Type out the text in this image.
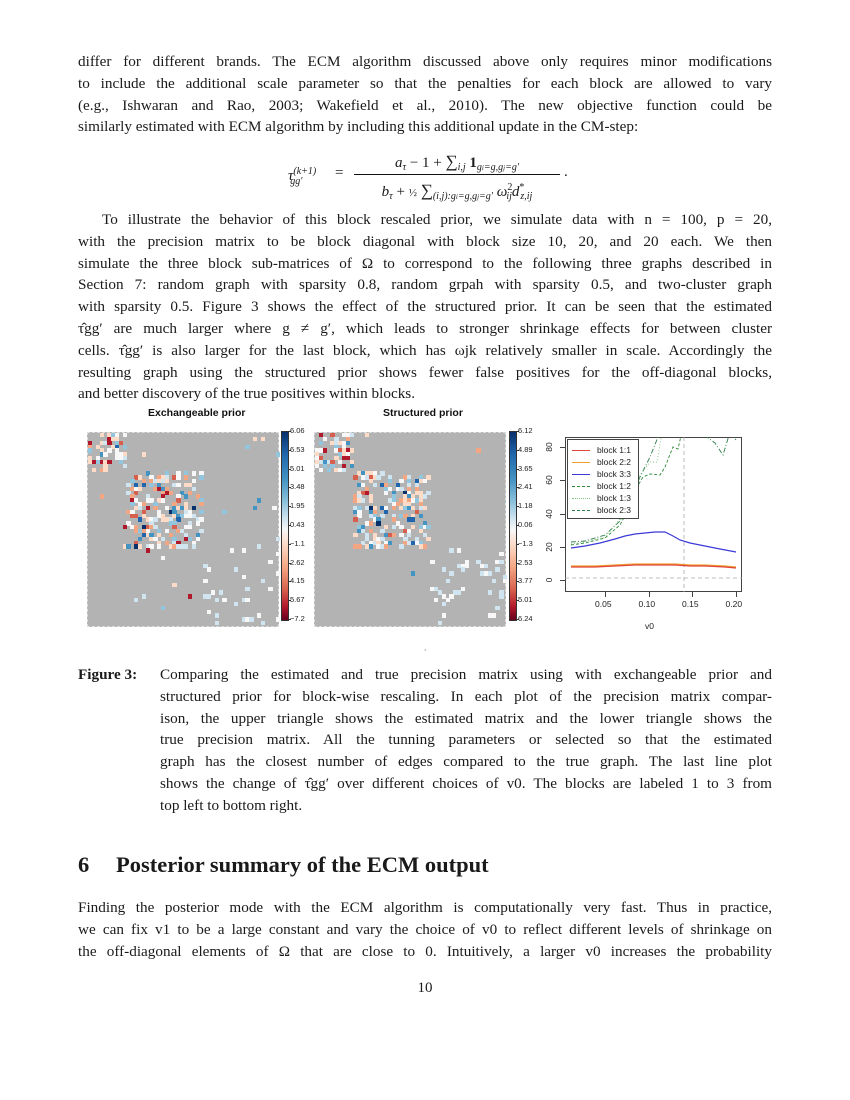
differ for different brands. The ECM algorithm discussed above only requires minor modifications
to include the additional scale parameter so that the penalties for each block are allowed to vary
(e.g., Ishwaran and Rao, 2003; Wakefield et al., 2010). The new objective function could be
similarly estimated with ECM algorithm by including this additional update in the CM-step:
$\tau^{(k+1)}_{gg'}$
=
$a_\tau - 1 + \sum_{i,j}$ $1_{gi=g,gj=g'}$
$b_\tau$ + ½ $\sum_{(i,j):gi=g,gj=g'}$ $\omega^2_{ij}d^*_{z,ij}$
.
To illustrate the behavior of this block rescaled prior, we simulate data with n = 100, p = 20,
with the precision matrix to be block diagonal with block size 10, 20, and 20 each. We then
simulate the three block sub-matrices of Ω to correspond to the following three graphs described in
Section 7: random graph with sparsity 0.8, random grpah with sparsity 0.5, and two-cluster graph
with sparsity 0.5. Figure 3 shows the effect of the structured prior. It can be seen that the estimated
τ̂gg′ are much larger where g ≠ g′, which leads to stronger shrinkage effects for between cluster
cells. τ̂gg′ is also larger for the last block, which has ωjk relatively smaller in scale. Accordingly the
resulting graph using the structured prior shows fewer false positives for the off-diagonal blocks,
and better discovery of the true positives within blocks.
Exchangeable prior
6.06
6.53
5.01
3.48
1.95
0.43
−1.1
2.62
4.15
5.67
−7.2
Structured prior
6.12
4.89
3.65
2.41
1.18
0.06
−1.3
2.53
3.77
5.01
6.24
block 1:1
block 2:2
block 3:3
block 1:2
block 1:3
block 2:3
0
20
40
60
80
0.05	0.10	0.15	0.20
v0
·
Figure 3: Comparing the estimated and true precision matrix using with exchangeable prior and
structured prior for block-wise rescaling. In each plot of the precision matrix compar-
ison, the upper triangle shows the estimated matrix and the lower triangle shows the
true precision matrix. All the tunning parameters or selected so that the estimated
graph has the closest number of edges compared to the true graph. The last line plot
shows the change of τ̂gg′ over different choices of v0. The blocks are labeled 1 to 3 from
top left to bottom right.
6 Posterior summary of the ECM output
Finding the posterior mode with the ECM algorithm is computationally very fast. Thus in practice,
we can fix v1 to be a large constant and vary the choice of v0 to reflect different levels of shrinkage on
the off-diagonal elements of Ω that are close to 0. Intuitively, a larger v0 increases the probability
10
